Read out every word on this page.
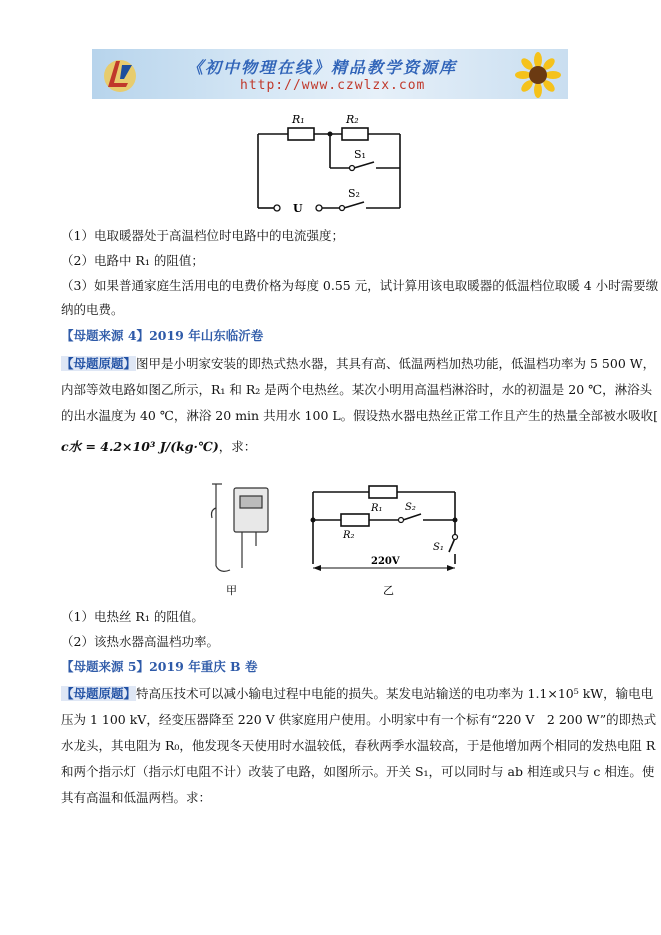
《初中物理在线》精品教学资源库
http://www.czwlzx.com
R₁	R₂
S₁
S₂
U
（1）电取暖器处于高温档位时电路中的电流强度；
（2）电路中 R₁ 的阻值；
（3）如果普通家庭生活用电的电费价格为每度 0.55 元，试计算用该电取暖器的低温档位取暖 4 小时需要缴
纳的电费。
【母题来源 4】2019 年山东临沂卷
【母题原题】图甲是小明家安装的即热式热水器，其具有高、低温两档加热功能，低温档功率为 5 500 W，
内部等效电路如图乙所示，R₁ 和 R₂ 是两个电热丝。某次小明用高温档淋浴时，水的初温是 20 ℃，淋浴头
的出水温度为 40 ℃，淋浴 20 min 共用水 100 L。假设热水器电热丝正常工作且产生的热量全部被水吸收[
c水 = 4.2×10³ J/(kg·℃)，求：
甲
R₁
R₂
S₂
S₁
220V
乙
（1）电热丝 R₁ 的阻值。
（2）该热水器高温档功率。
【母题来源 5】2019 年重庆 B 卷
【母题原题】特高压技术可以减小输电过程中电能的损失。某发电站输送的电功率为 1.1×10⁵ kW，输电电
压为 1 100 kV，经变压器降至 220 V 供家庭用户使用。小明家中有一个标有“220 V　2 200 W”的即热式
水龙头，其电阻为 R₀，他发现冬天使用时水温较低，春秋两季水温较高，于是他增加两个相同的发热电阻 R
和两个指示灯（指示灯电阻不计）改装了电路，如图所示。开关 S₁，可以同时与 ab 相连或只与 c 相连。使
其有高温和低温两档。求：
